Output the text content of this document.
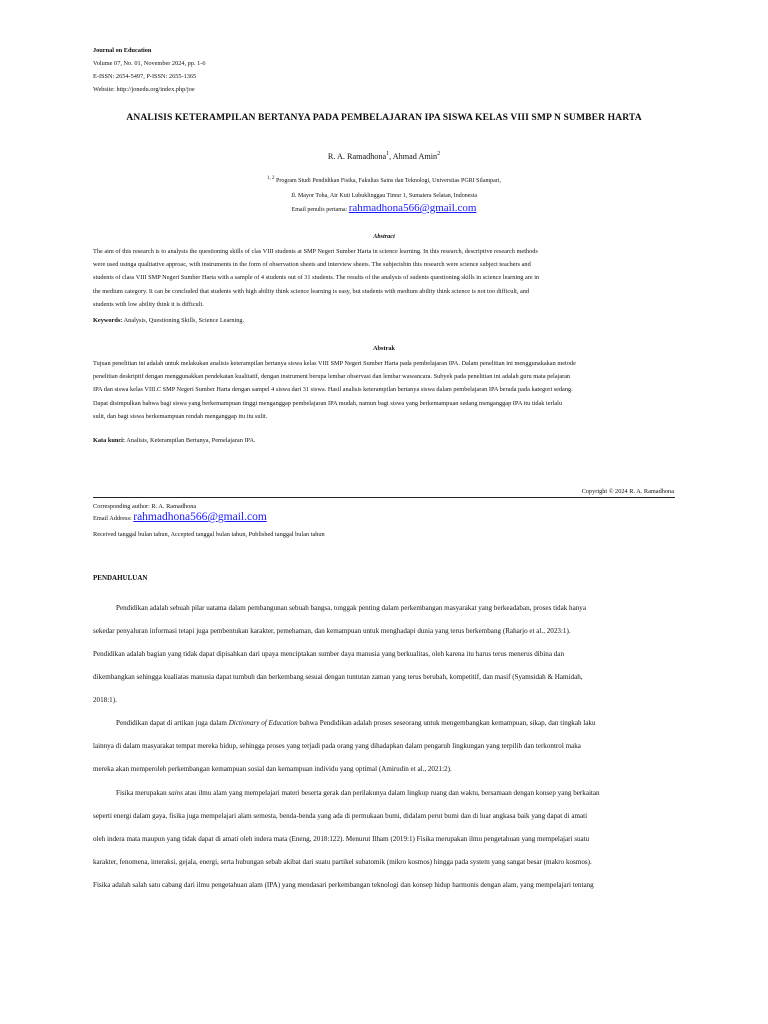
Journal on Education
Volume 07, No. 01, November 2024, pp. 1-6
E-ISSN: 2654-5497, P-ISSN: 2655-1365
Website: http://jonedu.org/index.php/joe
ANALISIS KETERAMPILAN BERTANYA PADA PEMBELAJARAN IPA SISWA KELAS VIII SMP N SUMBER HARTA
R. A. Ramadhona$^1$, Ahmad Amin$^2$
$^{1, 2}$ Program Studi Pendidikan Fisika, Fakultas Sains dan Teknologi, Universitas PGRI Silampari,
Jl. Mayor Toha, Air Kuti Lubuklinggau Timur 1, Sumatera Selatan, Indonesia
Email penulis pertama: rahmadhona566@gmail.com
Abstract
The aim of this research is to analysis the questioning skills of clas VIII students at SMP Negeri Sumber Harta in science learning. In this research, descriptive research methods
were used usinga qualitative approac, with instruments in the form of observation sheets and interview sheets. The subjectsbin this research were science subject teachers and
students of class VIII SMP Negeri Sumber Harta with a sample of 4 students out of 31 students. The results of the analysis of sudents questioning skills in science learning are in
the medium category. It can be concluded that students with high ability think science learning is easy, but students with medium ability think science is not too difficult, and
students with low ability think it is difficult.
Keywords: Analysis, Questioning Skills, Science Learning.
Abstrak
Tujuan penelitian ini adalah untuk melakukan analisis keterampilan bertanya siswa kelas VIII SMP Negeri Sumber Harta pada pembelajaran IPA. Dalam penelitian ini menggunakakan metode
penelitian deskriptif dengan menggunakkan pendekatan kualitatif, dengan instrument berupa lembar observasi dan lembar wawancara. Subyek pada penelitian ini adalah guru mata pelajaran
IPA dan siswa kelas VIII.C SMP Negeri Sumber Harta dengan sampel 4 siswa dari 31 siswa. Hasil analisis keterampilan bertanya siswa dalam pembelajaran IPA berada pada kategori sedang.
Dapat disimpulkan bahwa bagi siswa yang berkemampuan tinggi menganggap pembelajaran IPA mudah, namun bagi siswa yang berkemampuan sedang menganggap IPA itu tidak terlalu
sulit, dan bagi siswa berkemampuan rendah menganggap itu itu sulit.
Kata kunci: Analisis, Keterampilan Bertanya, Pemelajaran IPA.
Copyright © 2024 R. A. Ramadhona
Corresponding author: R. A. Ramadhona
Email Address: rahmadhona566@gmail.com
Received tanggal bulan tahun, Accepted tanggal bulan tahun, Published tanggal bulan tahun
PENDAHULUAN
Pendidikan adalah sebuah pilar uatama dalam pembangunan sebuah bangsa, tonggak penting dalam perkembangan masyarakat yang berkeadaban, proses tidak hanya
sekedar penyaluran informasi tetapi juga pembentukan karakter, pemehaman, dan kemampuan untuk menghadapi dunia yang terus berkembang (Raharjo et al., 2023:1).
Pendidikan adalah bagian yang tidak dapat dipisahkan dari upaya menciptakan sumber daya manusia yang berkualitas, oleh karena itu harus terus menerus dibina dan
dikembangkan sehingga kualiatas manusia dapat tumbuh dan berkembang sesuai dengan tuntutan zaman yang terus berubah, kompetitif, dan masif (Syamsidah & Hamidah,
2018:1).
Pendidikan dapat di artikan juga dalam Dictionary of Education bahwa Pendidikan adalah proses seseorang untuk mengembangkan kemampuan, sikap, dan tingkah laku
lainnya di dalam masyarakat tempat mereka hidup, sehingga proses yang terjadi pada orang yang dihadapkan dalam pengaruh lingkungan yang terpilih dan terkontrol maka
mereka akan memperoleh perkembangan kemampuan sosial dan kemampuan individu yang optimal (Amirudin et al., 2021:2).
Fisika merupakan sains atau ilmu alam yang mempelajari materi beserta gerak dan perilakunya dalam lingkup ruang dan waktu, bersamaan dengan konsep yang berkaitan
seperti energi dalam gaya, fisika juga mempelajari alam semesta, benda-benda yang ada di permukaan bumi, didalam perut bumi dan di luar angkasa baik yang dapat di amati
oleh indera mata maupun yang tidak dapat di amati oleh indera mata (Eneng, 2018:122). Menurut Ilham (2019:1) Fisika merupakan ilmu pengetahuan yang mempelajari suatu
karakter, fenomena, interaksi, gejala, energi, serta hubungan sebab akibat dari suatu partikel subatomik (mikro kosmos) hingga pada system yang sangat besar (makro kosmos).
Fisika adalah salah satu cabang dari ilmu pengetahuan alam (IPA) yang mendasari perkembangan teknologi dan konsep hidup harmonis dengan alam, yang mempelajari tentang
